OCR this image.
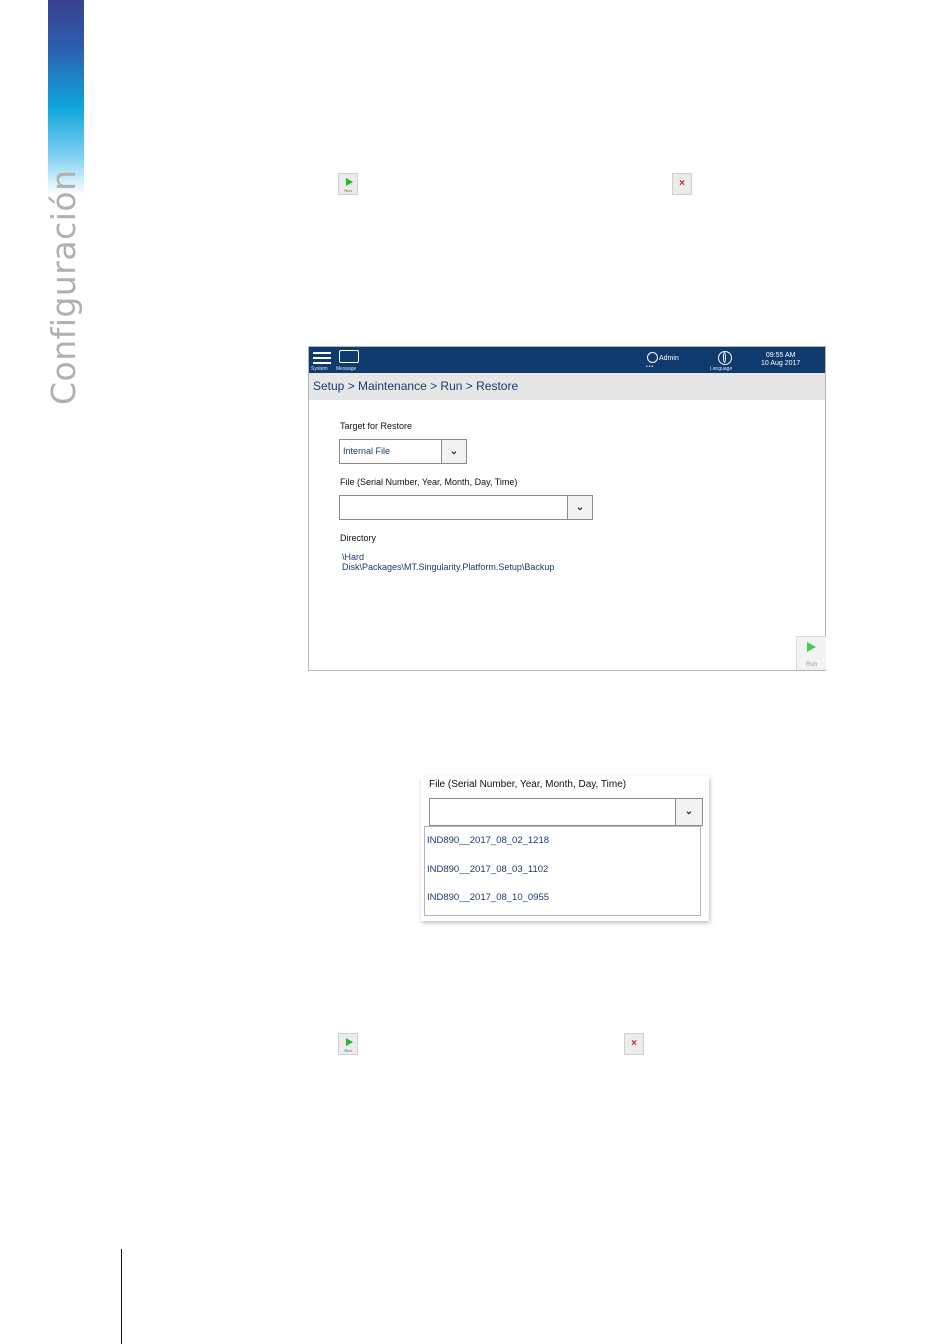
Configuración	Run
×
System Message	•••
Admin
Language
09:55 AM
10 Aug 2017
Setup > Maintenance > Run > Restore
Target for Restore
Internal File	⌄
File (Serial Number, Year, Month, Day, Time)
⌄
Directory
\Hard
Disk\Packages\MT.Singularity.Platform.Setup\Backup
Run
File (Serial Number, Year, Month, Day, Time)
⌄
IND890__2017_08_02_1218
IND890__2017_08_03_1102
IND890__2017_08_10_0955
Run
×
